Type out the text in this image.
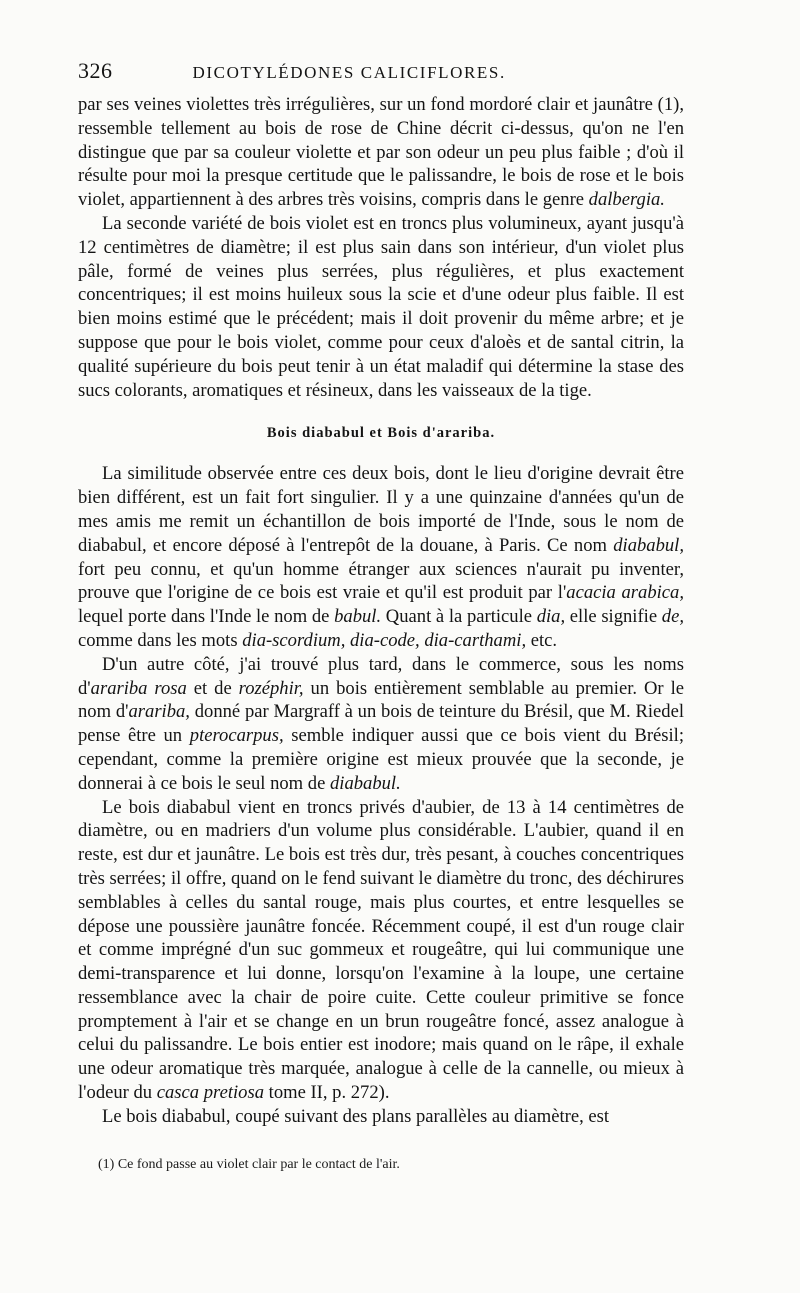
326	DICOTYLÉDONES CALICIFLORES.

par ses veines violettes très irrégulières, sur un fond mordoré clair et jaunâtre (1), ressemble tellement au bois de rose de Chine décrit ci-dessus, qu'on ne l'en distingue que par sa couleur violette et par son odeur un peu plus faible ; d'où il résulte pour moi la presque certitude que le palissandre, le bois de rose et le bois violet, appartiennent à des arbres très voisins, compris dans le genre dalbergia.

La seconde variété de bois violet est en troncs plus volumineux, ayant jusqu'à 12 centimètres de diamètre; il est plus sain dans son intérieur, d'un violet plus pâle, formé de veines plus serrées, plus régulières, et plus exactement concentriques; il est moins huileux sous la scie et d'une odeur plus faible. Il est bien moins estimé que le précédent; mais il doit provenir du même arbre; et je suppose que pour le bois violet, comme pour ceux d'aloès et de santal citrin, la qualité supérieure du bois peut tenir à un état maladif qui détermine la stase des sucs colorants, aromatiques et résineux, dans les vaisseaux de la tige.

Bois diababul et Bois d'arariba.

La similitude observée entre ces deux bois, dont le lieu d'origine devrait être bien différent, est un fait fort singulier. Il y a une quinzaine d'années qu'un de mes amis me remit un échantillon de bois importé de l'Inde, sous le nom de diababul, et encore déposé à l'entrepôt de la douane, à Paris. Ce nom diababul, fort peu connu, et qu'un homme étranger aux sciences n'aurait pu inventer, prouve que l'origine de ce bois est vraie et qu'il est produit par l'acacia arabica, lequel porte dans l'Inde le nom de babul. Quant à la particule dia, elle signifie de, comme dans les mots dia-scordium, dia-code, dia-carthami, etc.

D'un autre côté, j'ai trouvé plus tard, dans le commerce, sous les noms d'arariba rosa et de rozéphir, un bois entièrement semblable au premier. Or le nom d'arariba, donné par Margraff à un bois de teinture du Brésil, que M. Riedel pense être un pterocarpus, semble indiquer aussi que ce bois vient du Brésil; cependant, comme la première origine est mieux prouvée que la seconde, je donnerai à ce bois le seul nom de diababul.

Le bois diababul vient en troncs privés d'aubier, de 13 à 14 centimètres de diamètre, ou en madriers d'un volume plus considérable. L'aubier, quand il en reste, est dur et jaunâtre. Le bois est très dur, très pesant, à couches concentriques très serrées; il offre, quand on le fend suivant le diamètre du tronc, des déchirures semblables à celles du santal rouge, mais plus courtes, et entre lesquelles se dépose une poussière jaunâtre foncée. Récemment coupé, il est d'un rouge clair et comme imprégné d'un suc gommeux et rougeâtre, qui lui communique une demi-transparence et lui donne, lorsqu'on l'examine à la loupe, une certaine ressemblance avec la chair de poire cuite. Cette couleur primitive se fonce promptement à l'air et se change en un brun rougeâtre foncé, assez analogue à celui du palissandre. Le bois entier est inodore; mais quand on le râpe, il exhale une odeur aromatique très marquée, analogue à celle de la cannelle, ou mieux à l'odeur du casca pretiosa tome II, p. 272).

Le bois diababul, coupé suivant des plans parallèles au diamètre, est

(1) Ce fond passe au violet clair par le contact de l'air.
